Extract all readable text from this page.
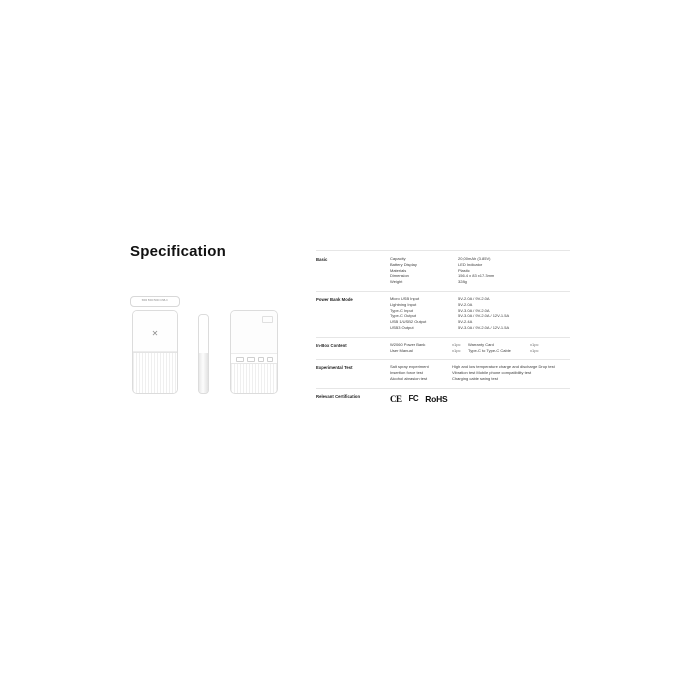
Specification
5000 5000 5000 USB-C
✕
Basic	Capacity	20,00mAh (3.85V)
Battery Display	LED Indicator
Materials	Plastic
Dimension	156.4 x 83 x17.3mm
Weight	328g
Power Bank Mode	Micro USB Input	5V-2.0A / 9V-2.0A
Lightning Input	5V-2.0A
Type-C Input	5V-3.0A / 9V-2.0A
Type-C Output	5V-3.0A / 9V-2.0A / 12V-1.5A
USB 1/USB2 Output	5V-2.4A
USB3 Output	5V-3.0A / 9V-2.0A / 12V-1.5A
In-Box Content	W2060 Power Bank	x1pc	Warranty Card	x1pc
User Manual	x1pc	Type-C to Type-C Cable	x1pc
Experimental Test	Salt spray experiment	High and low temperature charge and discharge Drop test
Insertion force test	Vibration test Mobile phone compatibility test
Alcohol abrasion test	Charging cable swing test
Relevant Certification	CE FC RoHS
